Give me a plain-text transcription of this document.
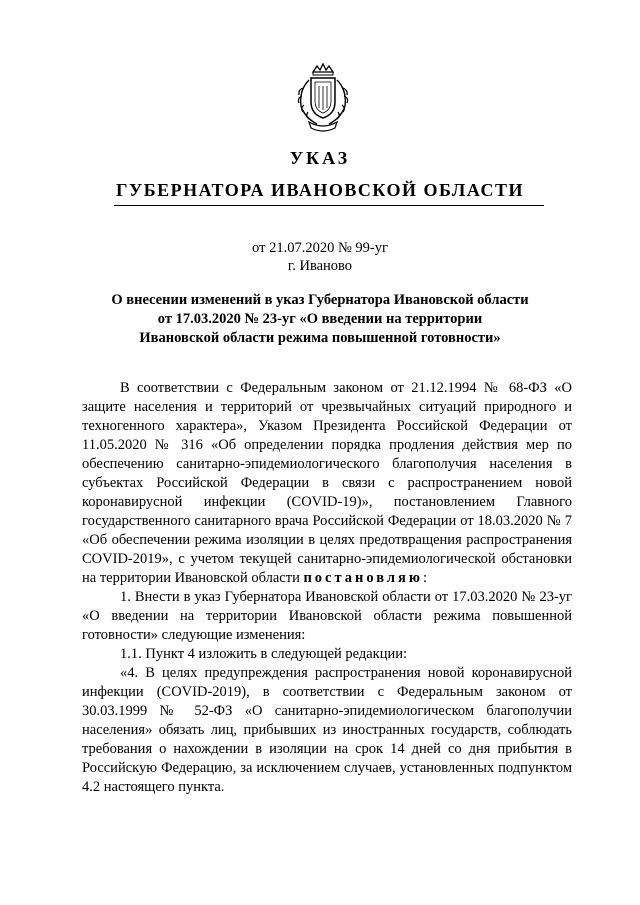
УКАЗ
ГУБЕРНАТОРА ИВАНОВСКОЙ ОБЛАСТИ
от 21.07.2020 № 99-уг
г. Иваново
О внесении изменений в указ Губернатора Ивановской области
от 17.03.2020 № 23-уг «О введении на территории
Ивановской области режима повышенной готовности»

В соответствии с Федеральным законом от 21.12.1994 № 68-ФЗ «О защите населения и территорий от чрезвычайных ситуаций природного и техногенного характера», Указом Президента Российской Федерации от 11.05.2020 № 316 «Об определении порядка продления действия мер по обеспечению санитарно-эпидемиологического благополучия населения в субъектах Российской Федерации в связи с распространением новой коронавирусной инфекции (COVID-19)», постановлением Главного государственного санитарного врача Российской Федерации от 18.03.2020 № 7 «Об обеспечении режима изоляции в целях предотвращения распространения COVID-2019», с учетом текущей санитарно-эпидемиологической обстановки на территории Ивановской области постановляю:

1. Внести в указ Губернатора Ивановской области от 17.03.2020 № 23-уг «О введении на территории Ивановской области режима повышенной готовности» следующие изменения:

1.1. Пункт 4 изложить в следующей редакции:

«4. В целях предупреждения распространения новой коронавирусной инфекции (COVID-2019), в соответствии с Федеральным законом от 30.03.1999 № 52-ФЗ «О санитарно-эпидемиологическом благополучии населения» обязать лиц, прибывших из иностранных государств, соблюдать требования о нахождении в изоляции на срок 14 дней со дня прибытия в Российскую Федерацию, за исключением случаев, установленных подпунктом 4.2 настоящего пункта.
